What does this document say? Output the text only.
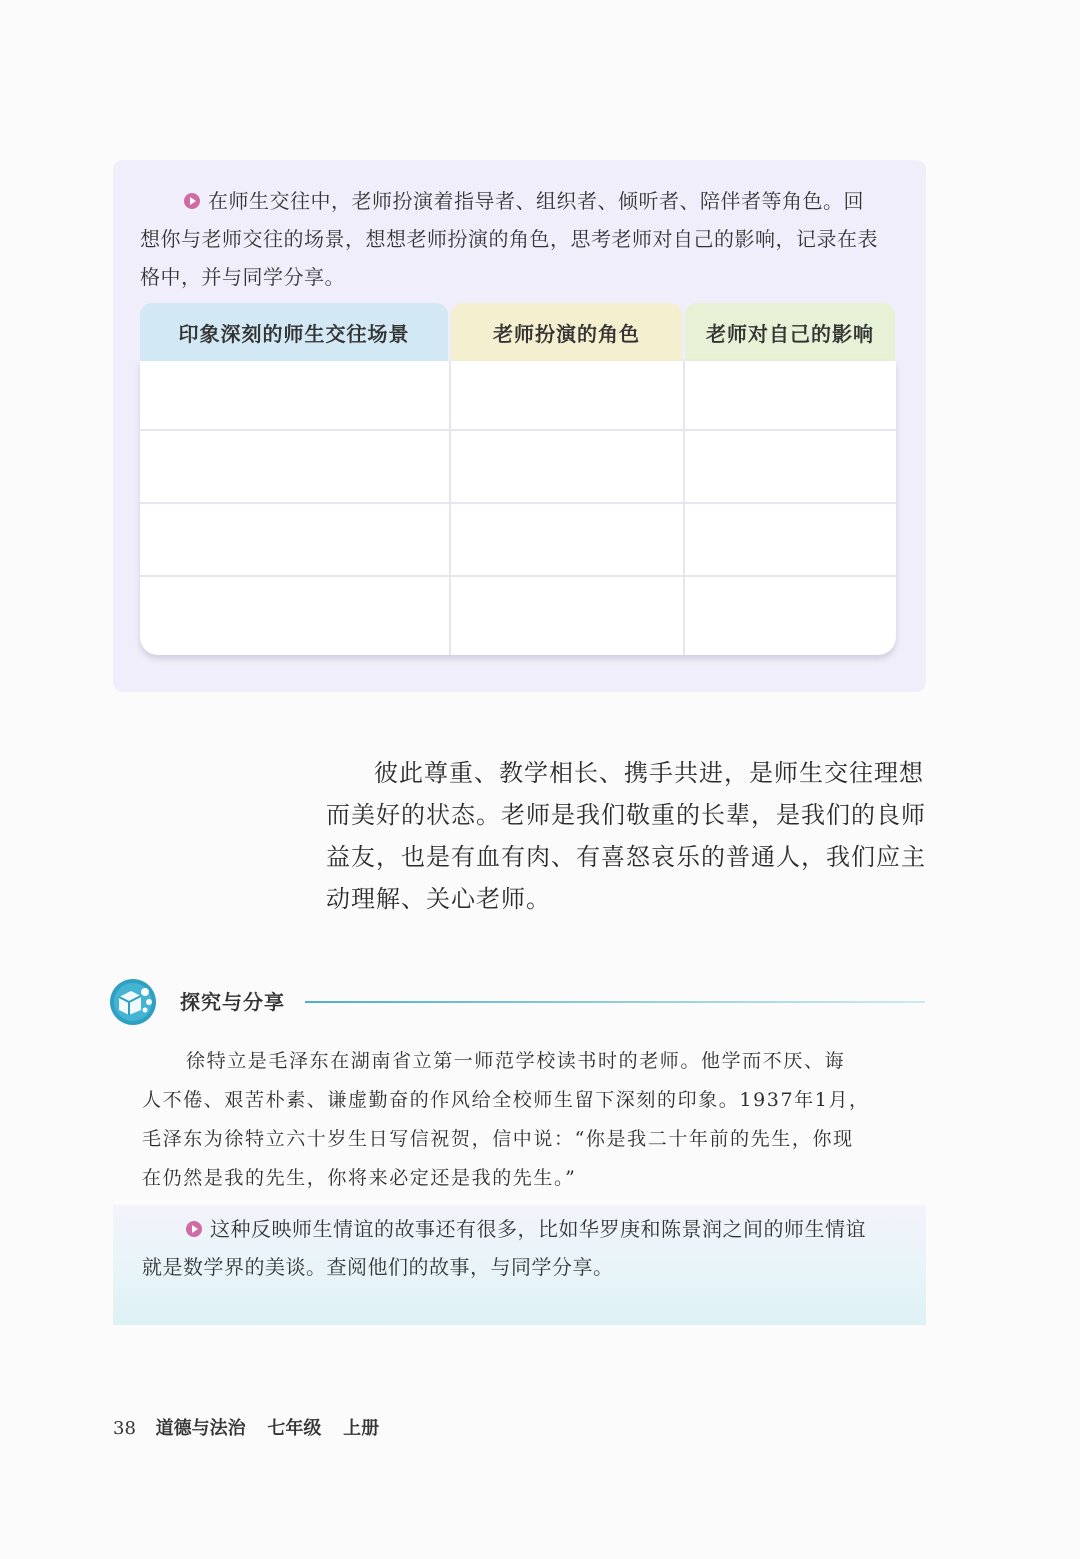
在师生交往中，老师扮演着指导者、组织者、倾听者、陪伴者等角色。回
想你与老师交往的场景，想想老师扮演的角色，思考老师对自己的影响，记录在表
格中，并与同学分享。
印象深刻的师生交往场景	老师扮演的角色	老师对自己的影响
彼此尊重、教学相长、携手共进，是师生交往理想
而美好的状态。老师是我们敬重的长辈，是我们的良师
益友，也是有血有肉、有喜怒哀乐的普通人，我们应主
动理解、关心老师。
探究与分享
徐特立是毛泽东在湖南省立第一师范学校读书时的老师。他学而不厌、诲
人不倦、艰苦朴素、谦虚勤奋的作风给全校师生留下深刻的印象。1937年1月，
毛泽东为徐特立六十岁生日写信祝贺，信中说：“你是我二十年前的先生，你现
在仍然是我的先生，你将来必定还是我的先生。”
这种反映师生情谊的故事还有很多，比如华罗庚和陈景润之间的师生情谊
就是数学界的美谈。查阅他们的故事，与同学分享。
38 道德与法治 七年级 上册
